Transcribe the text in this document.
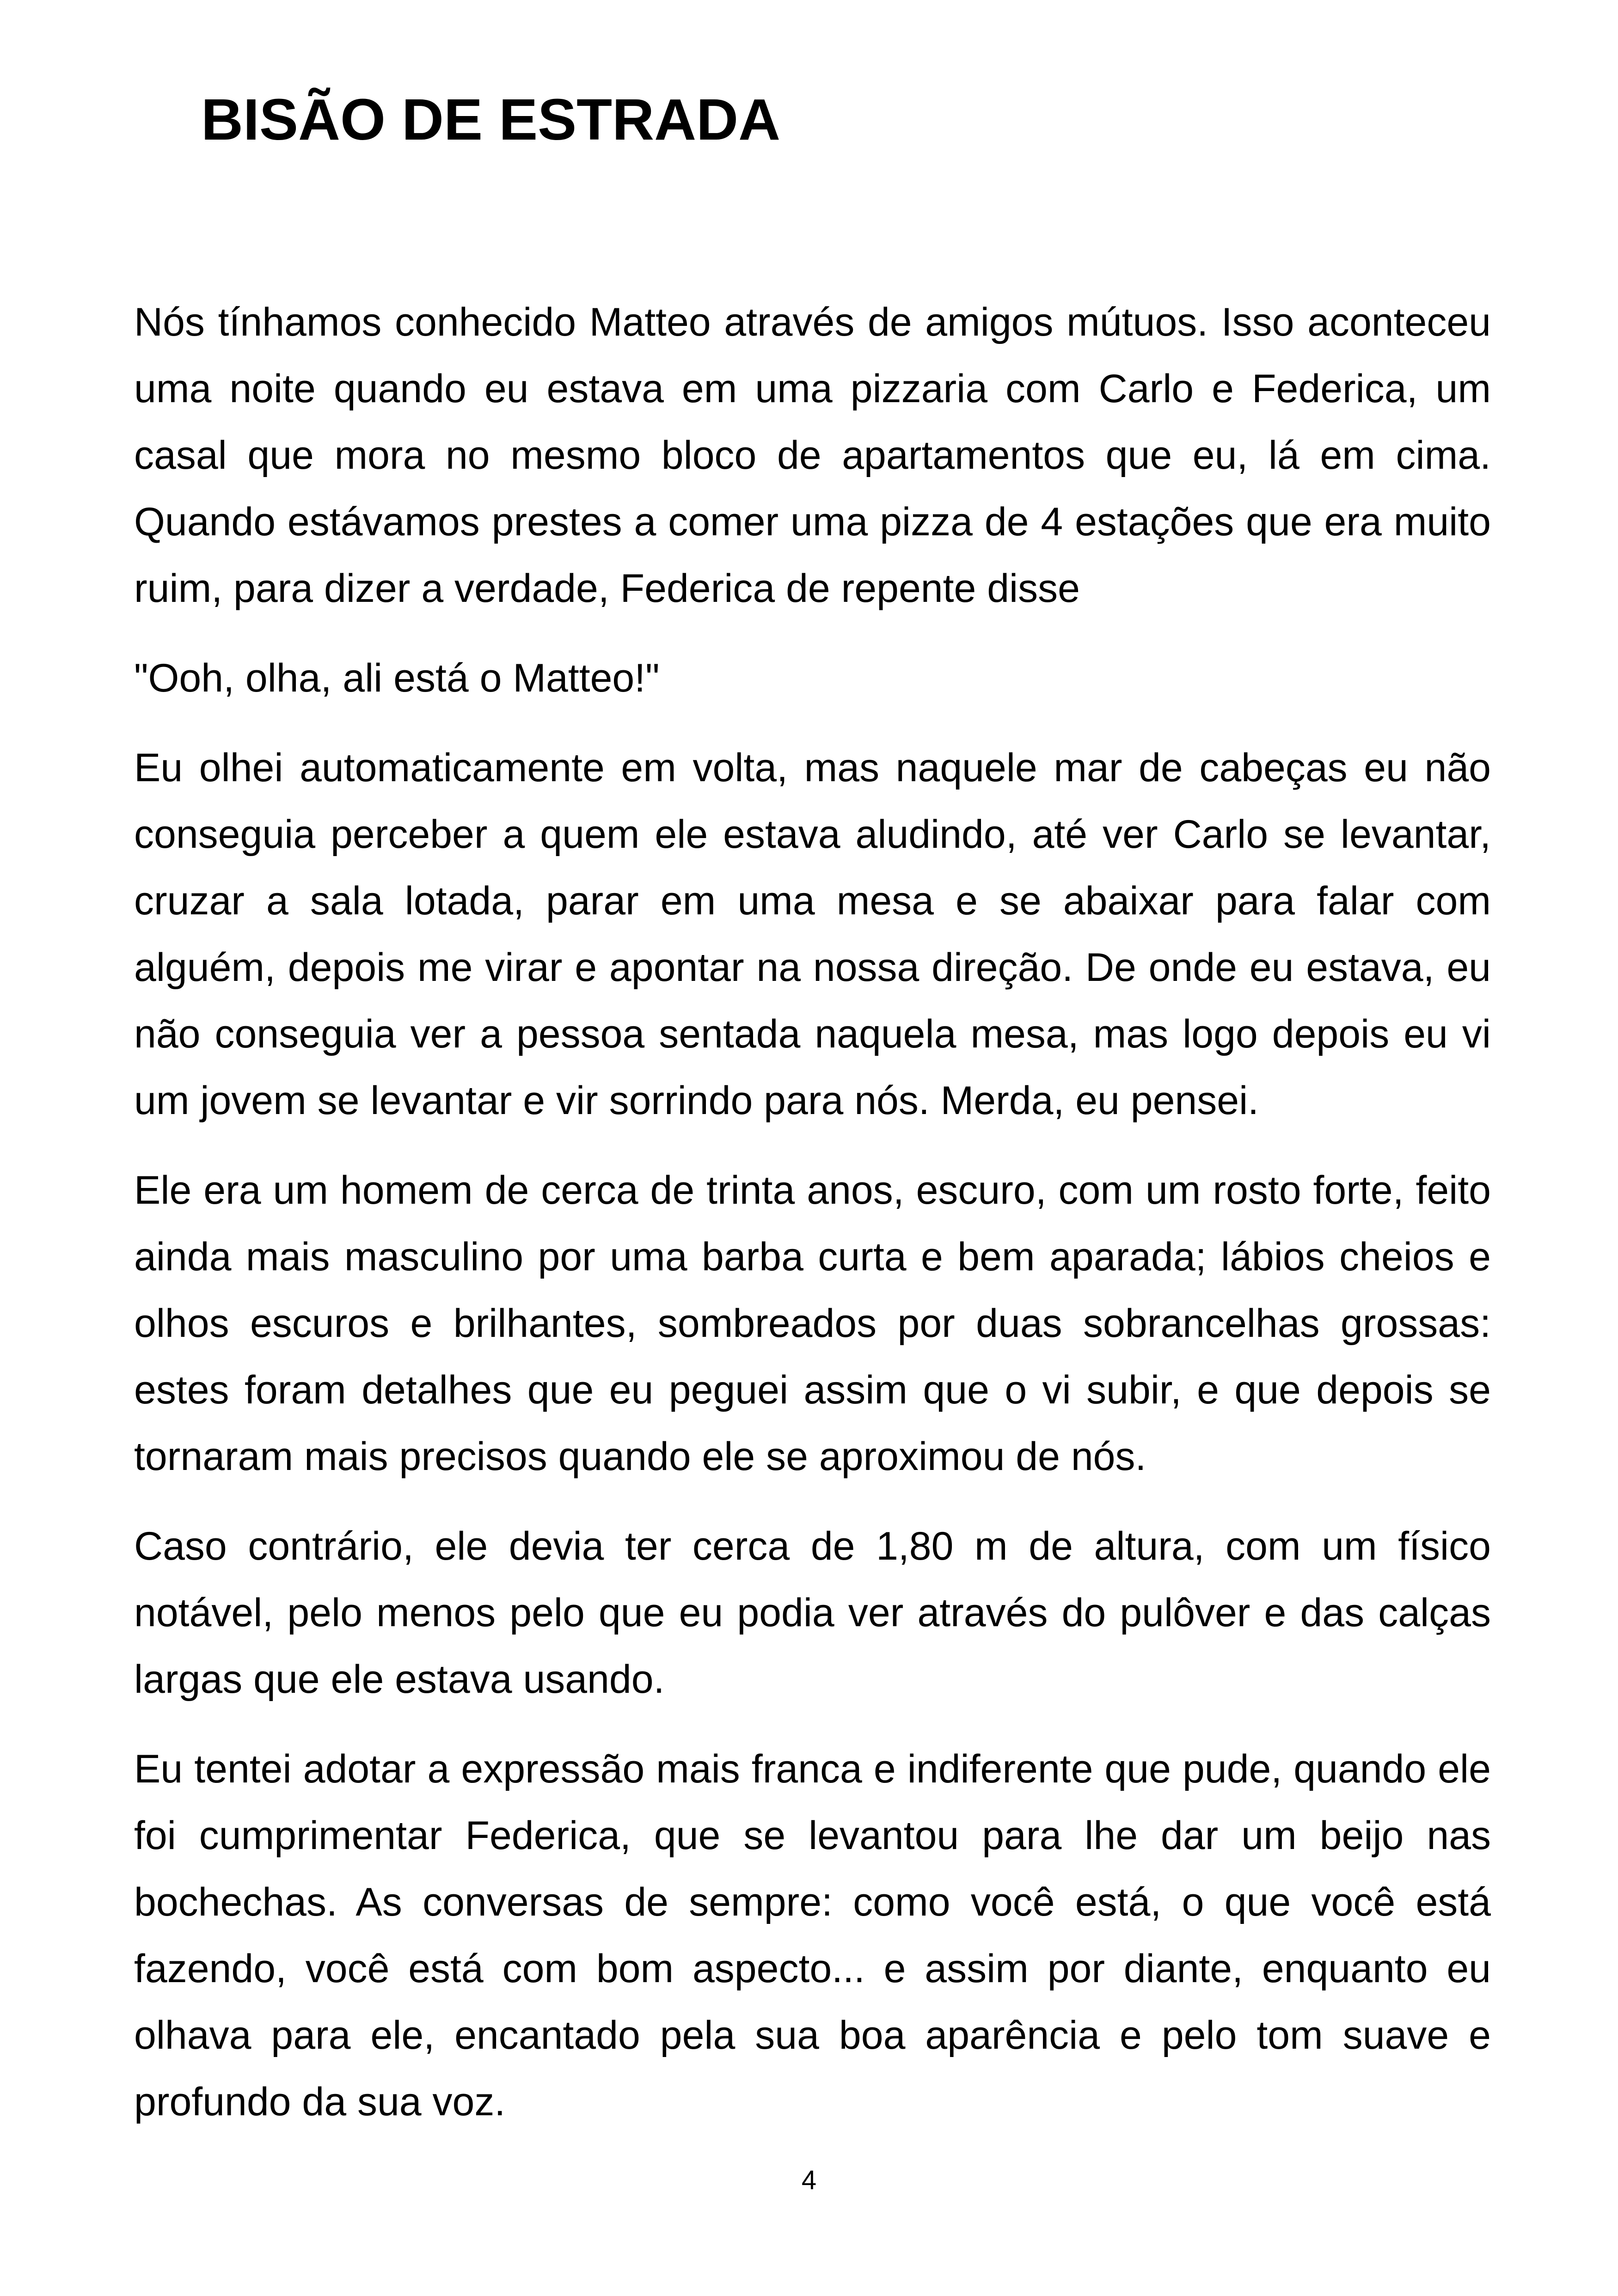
BISÃO DE ESTRADA

Nós tínhamos conhecido Matteo através de amigos mútuos. Isso aconteceu uma noite quando eu estava em uma pizzaria com Carlo e Federica, um casal que mora no mesmo bloco de apartamentos que eu, lá em cima. Quando estávamos prestes a comer uma pizza de 4 estações que era muito ruim, para dizer a verdade, Federica de repente disse

"Ooh, olha, ali está o Matteo!"

Eu olhei automaticamente em volta, mas naquele mar de cabeças eu não conseguia perceber a quem ele estava aludindo, até ver Carlo se levantar, cruzar a sala lotada, parar em uma mesa e se abaixar para falar com alguém, depois me virar e apontar na nossa direção. De onde eu estava, eu não conseguia ver a pessoa sentada naquela mesa, mas logo depois eu vi um jovem se levantar e vir sorrindo para nós. Merda, eu pensei.

Ele era um homem de cerca de trinta anos, escuro, com um rosto forte, feito ainda mais masculino por uma barba curta e bem aparada; lábios cheios e olhos escuros e brilhantes, sombreados por duas sobrancelhas grossas: estes foram detalhes que eu peguei assim que o vi subir, e que depois se tornaram mais precisos quando ele se aproximou de nós.

Caso contrário, ele devia ter cerca de 1,80 m de altura, com um físico notável, pelo menos pelo que eu podia ver através do pulôver e das calças largas que ele estava usando.

Eu tentei adotar a expressão mais franca e indiferente que pude, quando ele foi cumprimentar Federica, que se levantou para lhe dar um beijo nas bochechas. As conversas de sempre: como você está, o que você está fazendo, você está com bom aspecto... e assim por diante, enquanto eu olhava para ele, encantado pela sua boa aparência e pelo tom suave e profundo da sua voz.

4
